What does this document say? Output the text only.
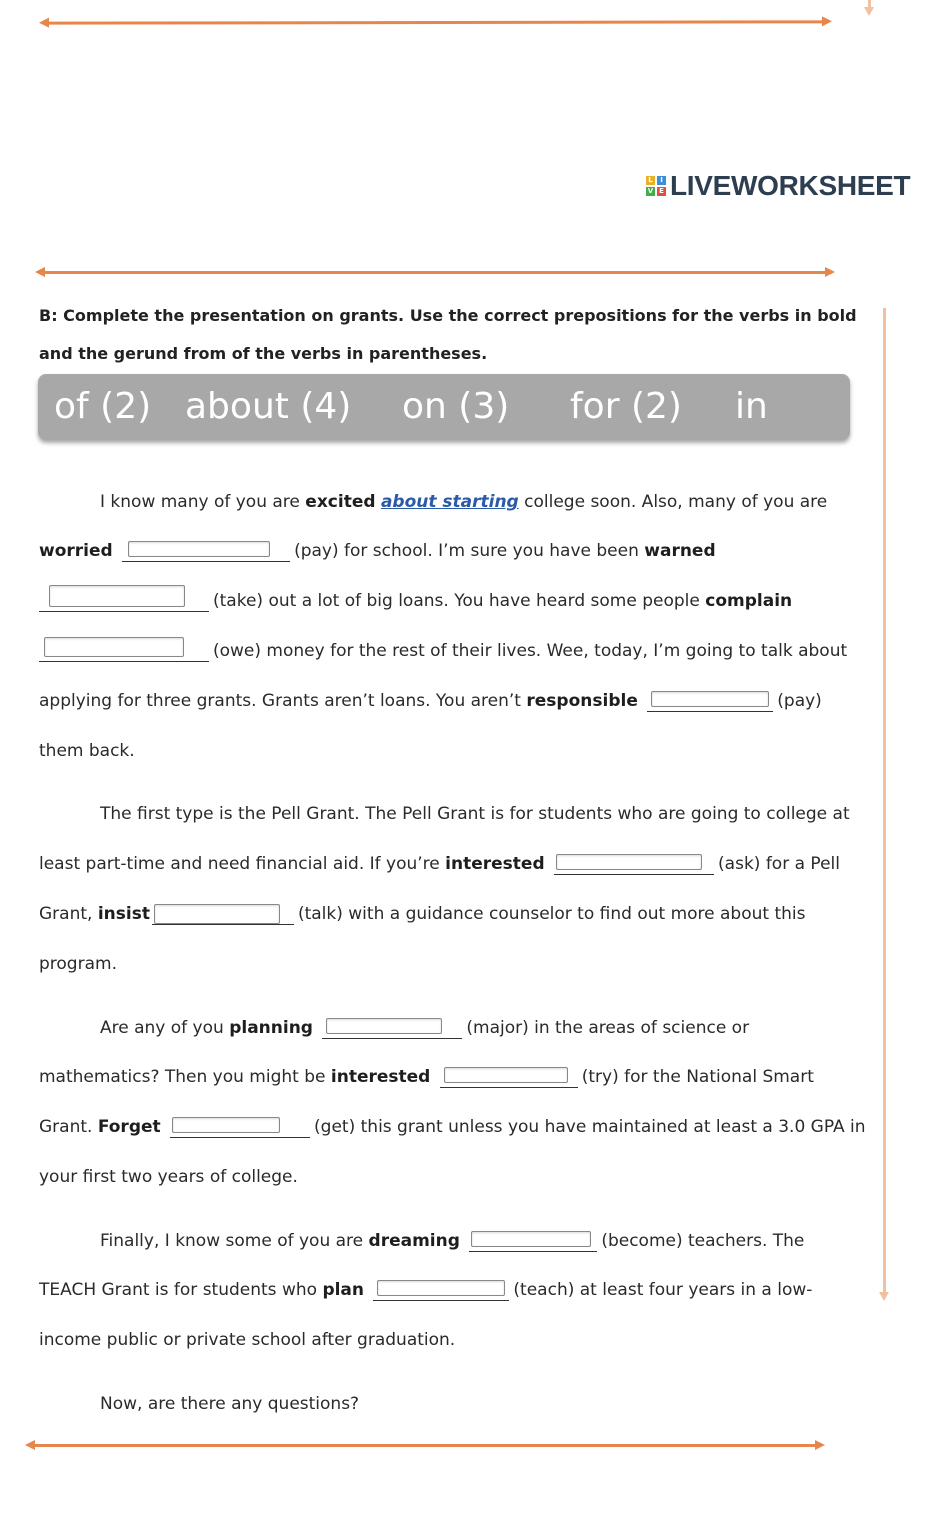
L	I
V E LIVEWORKSHEET
B: Complete the presentation on grants. Use the correct prepositions for the verbs in bold
and the gerund from of the verbs in parentheses.
of (2) about (4) on (3) for (2) in
I know many of you are excited about starting college soon. Also, many of you are
worried	(pay) for school. I’m sure you have been warned
(take) out a lot of big loans. You have heard some people complain
(owe) money for the rest of their lives. Wee, today, I’m going to talk about
applying for three grants. Grants aren’t loans. You aren’t responsible	(pay)
them back.
The first type is the Pell Grant. The Pell Grant is for students who are going to college at
least part-time and need financial aid. If you’re interested	(ask) for a Pell
Grant, insist	(talk) with a guidance counselor to find out more about this
program.
Are any of you planning	(major) in the areas of science or
mathematics? Then you might be interested	(try) for the National Smart
Grant. Forget	(get) this grant unless you have maintained at least a 3.0 GPA in
your first two years of college.
Finally, I know some of you are dreaming	(become) teachers. The
TEACH Grant is for students who plan	(teach) at least four years in a low-
income public or private school after graduation.
Now, are there any questions?
